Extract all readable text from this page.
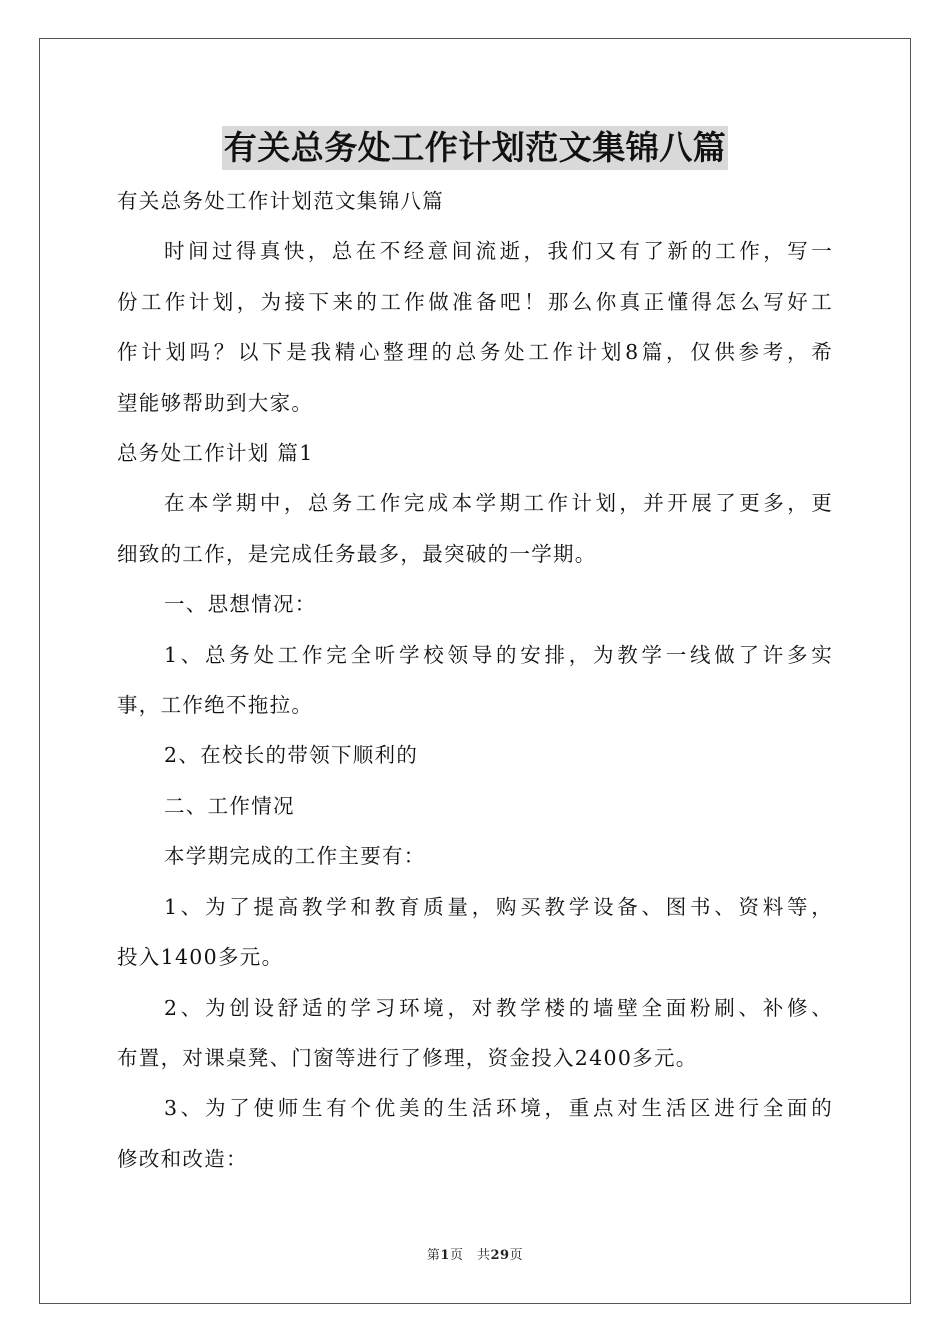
有关总务处工作计划范文集锦八篇
有关总务处工作计划范文集锦八篇
时间过得真快，总在不经意间流逝，我们又有了新的工作，写一
份工作计划，为接下来的工作做准备吧！那么你真正懂得怎么写好工
作计划吗？以下是我精心整理的总务处工作计划8篇，仅供参考，希
望能够帮助到大家。
总务处工作计划 篇1
在本学期中，总务工作完成本学期工作计划，并开展了更多，更
细致的工作，是完成任务最多，最突破的一学期。
一、思想情况：
1、总务处工作完全听学校领导的安排，为教学一线做了许多实
事，工作绝不拖拉。
2、在校长的带领下顺利的
二、工作情况
本学期完成的工作主要有：
1、为了提高教学和教育质量，购买教学设备、图书、资料等，
投入1400多元。
2、为创设舒适的学习环境，对教学楼的墙壁全面粉刷、补修、
布置，对课桌凳、门窗等进行了修理，资金投入2400多元。
3、为了使师生有个优美的生活环境，重点对生活区进行全面的
修改和改造：
第1页　共29页
